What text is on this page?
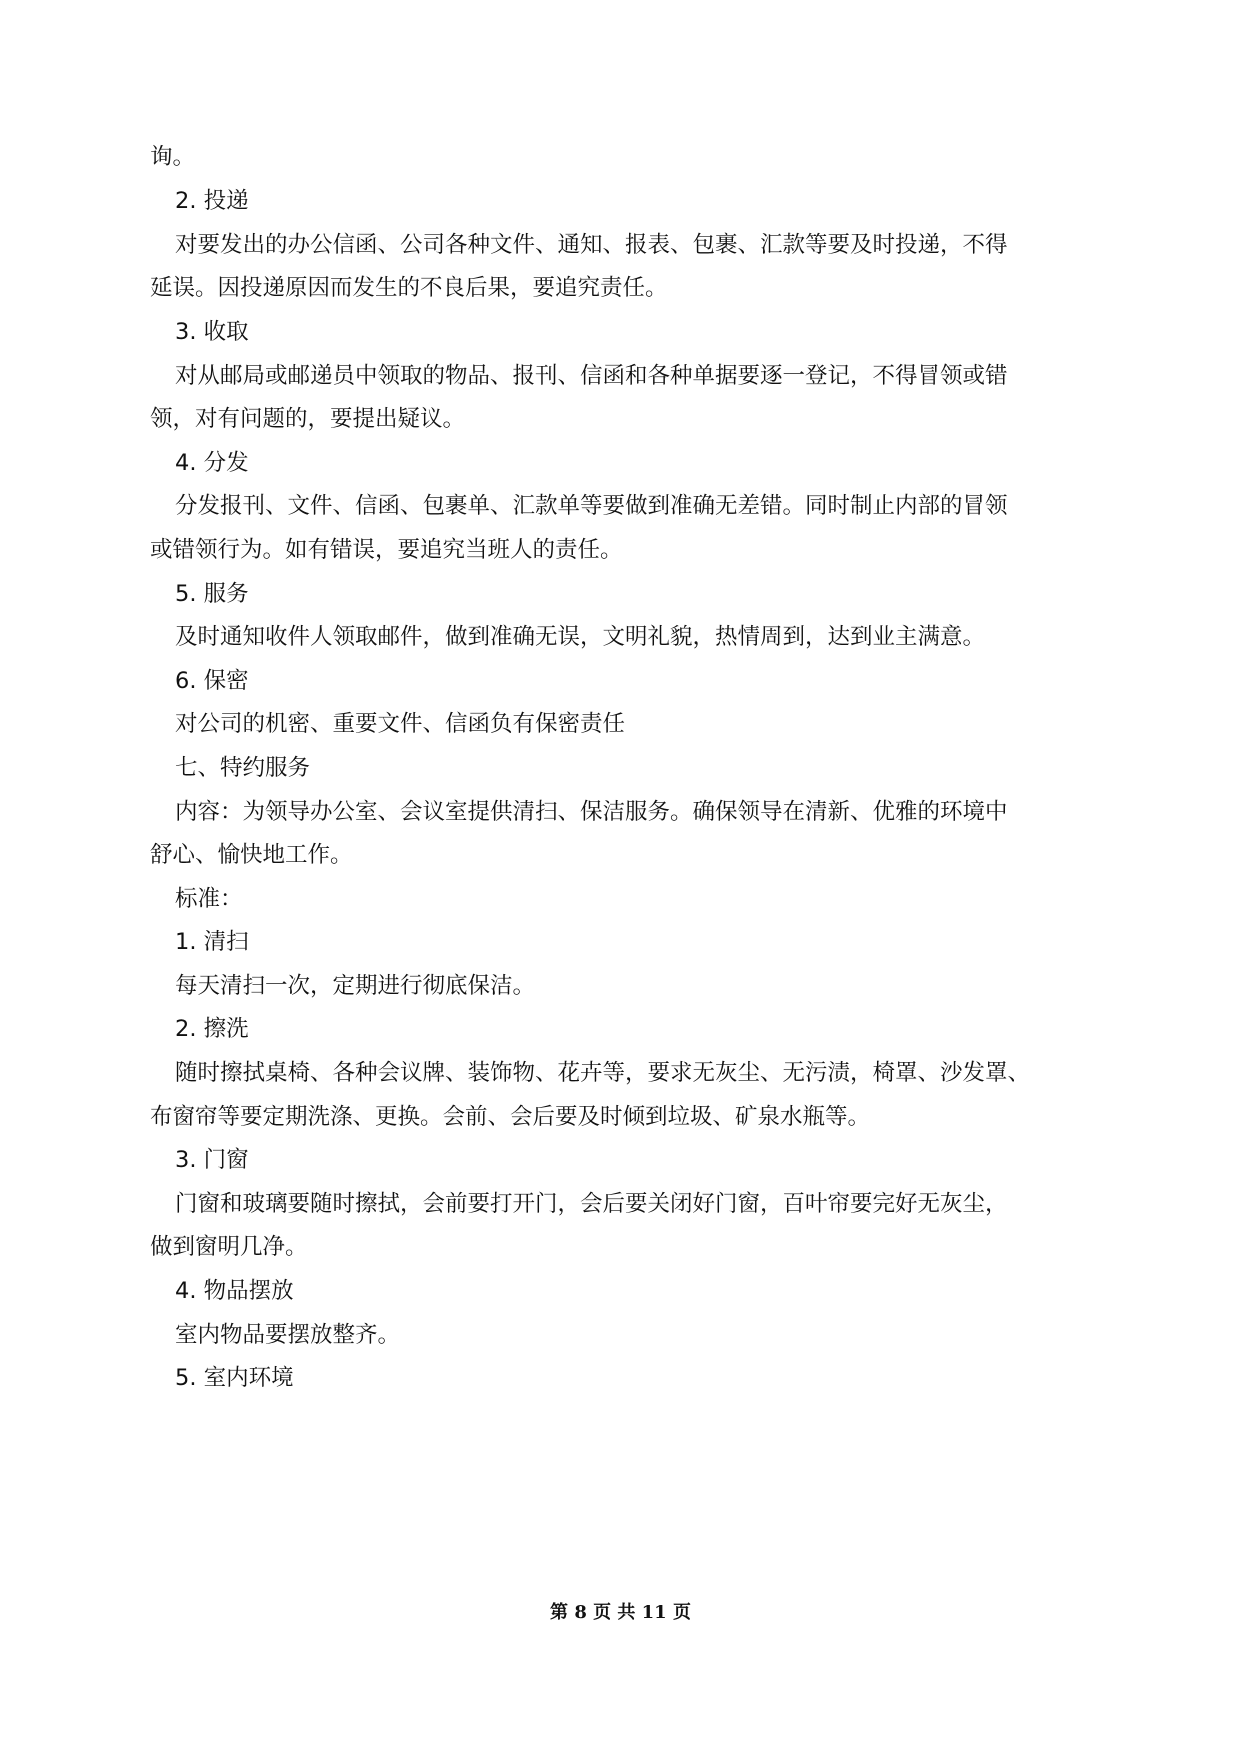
询。

2. 投递

对要发出的办公信函、公司各种文件、通知、报表、包裹、汇款等要及时投递，不得

延误。因投递原因而发生的不良后果，要追究责任。

3. 收取

对从邮局或邮递员中领取的物品、报刊、信函和各种单据要逐一登记，不得冒领或错

领，对有问题的，要提出疑议。

4. 分发

分发报刊、文件、信函、包裹单、汇款单等要做到准确无差错。同时制止内部的冒领

或错领行为。如有错误，要追究当班人的责任。

5. 服务

及时通知收件人领取邮件，做到准确无误，文明礼貌，热情周到，达到业主满意。

6. 保密

对公司的机密、重要文件、信函负有保密责任

七、特约服务

内容：为领导办公室、会议室提供清扫、保洁服务。确保领导在清新、优雅的环境中

舒心、愉快地工作。

标准：

1. 清扫

每天清扫一次，定期进行彻底保洁。

2. 擦洗

随时擦拭桌椅、各种会议牌、装饰物、花卉等，要求无灰尘、无污渍，椅罩、沙发罩、

布窗帘等要定期洗涤、更换。会前、会后要及时倾到垃圾、矿泉水瓶等。

3. 门窗

门窗和玻璃要随时擦拭，会前要打开门，会后要关闭好门窗，百叶帘要完好无灰尘，

做到窗明几净。

4. 物品摆放

室内物品要摆放整齐。

5. 室内环境

第 8 页 共 11 页
